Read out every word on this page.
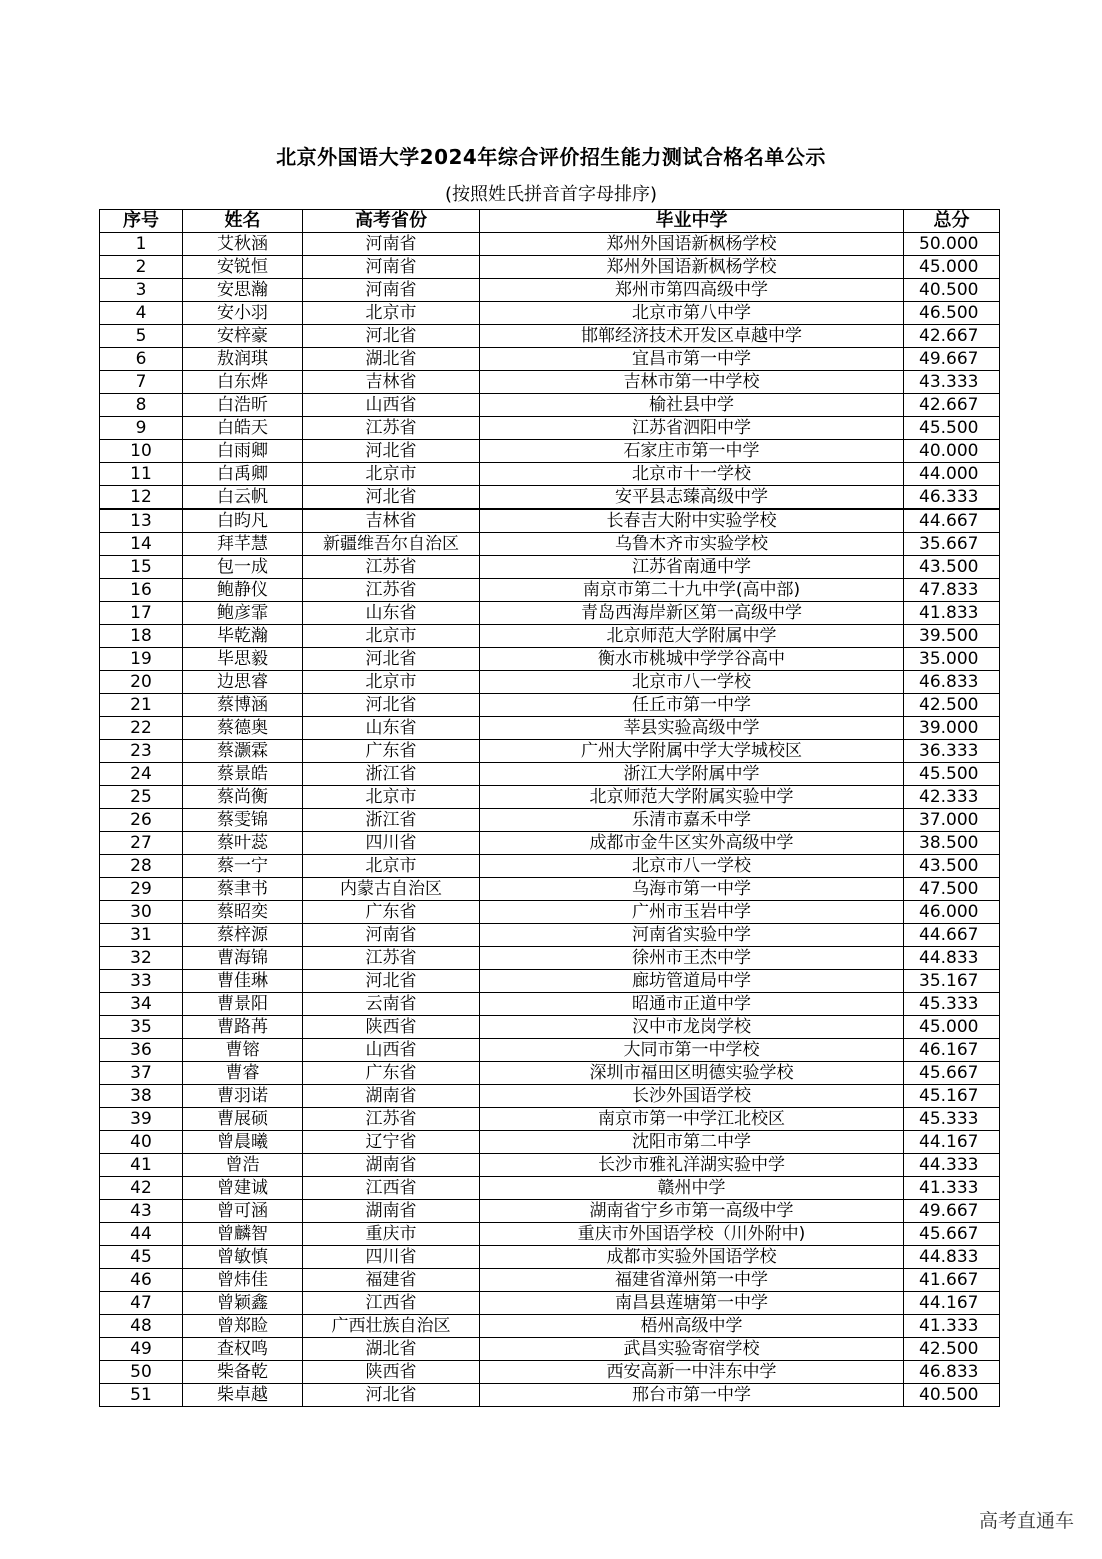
北京外国语大学2024年综合评价招生能力测试合格名单公示
(按照姓氏拼音首字母排序)
序号	姓名	高考省份	毕业中学	总分
1	艾秋涵	河南省	郑州外国语新枫杨学校	50.000
2	安锐恒	河南省	郑州外国语新枫杨学校	45.000
3	安思瀚	河南省	郑州市第四高级中学	40.500
4	安小羽	北京市	北京市第八中学	46.500
5	安梓豪	河北省	邯郸经济技术开发区卓越中学	42.667
6	敖润琪	湖北省	宜昌市第一中学	49.667
7	白东烨	吉林省	吉林市第一中学校	43.333
8	白浩昕	山西省	榆社县中学	42.667
9	白皓天	江苏省	江苏省泗阳中学	45.500
10	白雨卿	河北省	石家庄市第一中学	40.000
11	白禹卿	北京市	北京市十一学校	44.000
12	白云帆	河北省	安平县志臻高级中学	46.333
13	白昀凡	吉林省	长春吉大附中实验学校	44.667
14	拜芊慧	新疆维吾尔自治区	乌鲁木齐市实验学校	35.667
15	包一成	江苏省	江苏省南通中学	43.500
16	鲍静仪	江苏省	南京市第二十九中学(高中部)	47.833
17	鲍彦霏	山东省	青岛西海岸新区第一高级中学	41.833
18	毕乾瀚	北京市	北京师范大学附属中学	39.500
19	毕思毅	河北省	衡水市桃城中学学谷高中	35.000
20	边思睿	北京市	北京市八一学校	46.833
21	蔡博涵	河北省	任丘市第一中学	42.500
22	蔡德奥	山东省	莘县实验高级中学	39.000
23	蔡灏霖	广东省	广州大学附属中学大学城校区	36.333
24	蔡景皓	浙江省	浙江大学附属中学	45.500
25	蔡尚衡	北京市	北京师范大学附属实验中学	42.333
26	蔡雯锦	浙江省	乐清市嘉禾中学	37.000
27	蔡叶蕊	四川省	成都市金牛区实外高级中学	38.500
28	蔡一宁	北京市	北京市八一学校	43.500
29	蔡聿书	内蒙古自治区	乌海市第一中学	47.500
30	蔡昭奕	广东省	广州市玉岩中学	46.000
31	蔡梓源	河南省	河南省实验中学	44.667
32	曹海锦	江苏省	徐州市王杰中学	44.833
33	曹佳琳	河北省	廊坊管道局中学	35.167
34	曹景阳	云南省	昭通市正道中学	45.333
35	曹路苒	陕西省	汉中市龙岗学校	45.000
36	曹镕	山西省	大同市第一中学校	46.167
37	曹睿	广东省	深圳市福田区明德实验学校	45.667
38	曹羽诺	湖南省	长沙外国语学校	45.167
39	曹展硕	江苏省	南京市第一中学江北校区	45.333
40	曾晨曦	辽宁省	沈阳市第二中学	44.167
41	曾浩	湖南省	长沙市雅礼洋湖实验中学	44.333
42	曾建诚	江西省	赣州中学	41.333
43	曾可涵	湖南省	湖南省宁乡市第一高级中学	49.667
44	曾麟智	重庆市	重庆市外国语学校（川外附中)	45.667
45	曾敏慎	四川省	成都市实验外国语学校	44.833
46	曾炜佳	福建省	福建省漳州第一中学	41.667
47	曾颖鑫	江西省	南昌县莲塘第一中学	44.167
48	曾郑睑	广西壮族自治区	梧州高级中学	41.333
49	查权鸣	湖北省	武昌实验寄宿学校	42.500
50	柴备乾	陕西省	西安高新一中沣东中学	46.833
51	柴卓越	河北省	邢台市第一中学	40.500
高考直通车
